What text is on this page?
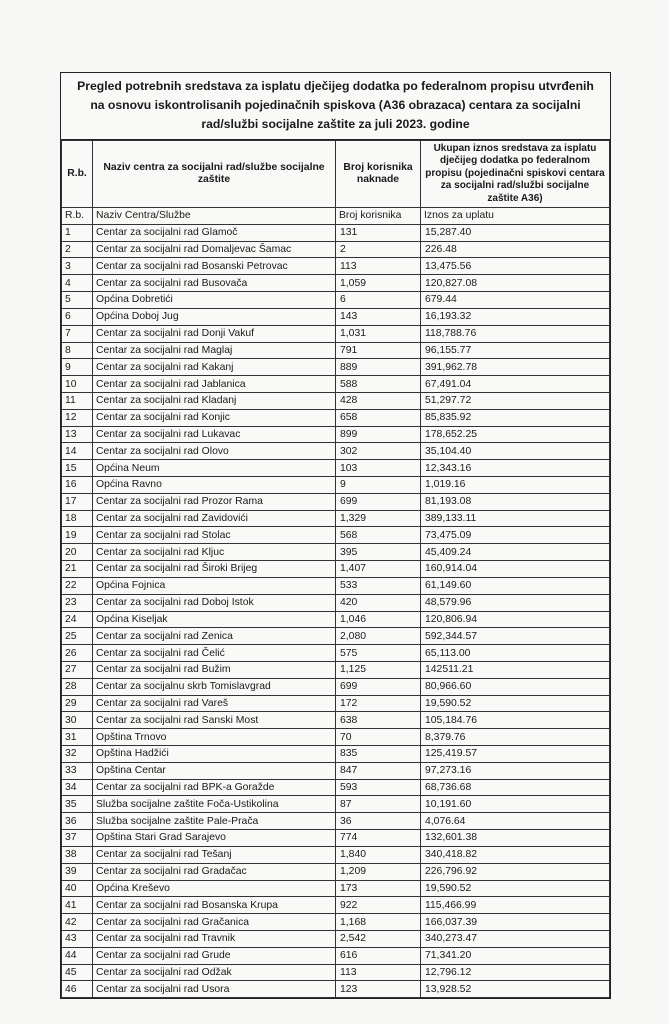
Pregled potrebnih sredstava za isplatu dječijeg dodatka po federalnom propisu utvrđenih na osnovu iskontrolisanih pojedinačnih spiskova (A36 obrazaca) centara za socijalni rad/službi socijalne zaštite za juli 2023. godine
R.b.	Naziv centra za socijalni rad/službe socijalne zaštite	Broj korisnika naknade	Ukupan iznos sredstava za isplatu dječijeg dodatka po federalnom propisu (pojedinačni spiskovi centara za socijalni rad/službi socijalne zaštite A36)
R.b.	Naziv Centra/Službe	Broj korisnika	Iznos za uplatu
1	Centar za socijalni rad Glamoč	131	15,287.40
2	Centar za socijalni rad Domaljevac Šamac	2	226.48
3	Centar za socijalni rad Bosanski Petrovac	113	13,475.56
4	Centar za socijalni rad Busovača	1,059	120,827.08
5	Općina Dobretići	6	679.44
6	Općina Doboj Jug	143	16,193.32
7	Centar za socijalni rad Donji Vakuf	1,031	118,788.76
8	Centar za socijalni rad Maglaj	791	96,155.77
9	Centar za socijalni rad Kakanj	889	391,962.78
10	Centar za socijalni rad Jablanica	588	67,491.04
11	Centar za socijalni rad Kladanj	428	51,297.72
12	Centar za socijalni rad Konjic	658	85,835.92
13	Centar za socijalni rad Lukavac	899	178,652.25
14	Centar za socijalni rad Olovo	302	35,104.40
15	Općina Neum	103	12,343.16
16	Općina Ravno	9	1,019.16
17	Centar za socijalni rad Prozor Rama	699	81,193.08
18	Centar za socijalni rad Zavidovići	1,329	389,133.11
19	Centar za socijalni rad Stolac	568	73,475.09
20	Centar za socijalni rad Kljuc	395	45,409.24
21	Centar za socijalni rad Široki Brijeg	1,407	160,914.04
22	Općina Fojnica	533	61,149.60
23	Centar za socijalni rad Doboj Istok	420	48,579.96
24	Općina Kiseljak	1,046	120,806.94
25	Centar za socijalni rad Zenica	2,080	592,344.57
26	Centar za socijalni rad Čelić	575	65,113.00
27	Centar za socijalni rad Bužim	1,125	142511.21
28	Centar za socijalnu skrb Tomislavgrad	699	80,966.60
29	Centar za socijalni rad Vareš	172	19,590.52
30	Centar za socijalni rad Sanski Most	638	105,184.76
31	Opština Trnovo	70	8,379.76
32	Opština Hadžići	835	125,419.57
33	Opština Centar	847	97,273.16
34	Centar za socijalni rad BPK-a Goražde	593	68,736.68
35	Služba socijalne zaštite Foča-Ustikolina	87	10,191.60
36	Služba socijalne zaštite Pale-Prača	36	4,076.64
37	Opština Stari Grad Sarajevo	774	132,601.38
38	Centar za socijalni rad Tešanj	1,840	340,418.82
39	Centar za socijalni rad Gradačac	1,209	226,796.92
40	Općina Kreševo	173	19,590.52
41	Centar za socijalni rad Bosanska Krupa	922	115,466.99
42	Centar za socijalni rad Gračanica	1,168	166,037.39
43	Centar za socijalni rad Travnik	2,542	340,273.47
44	Centar za socijalni rad Grude	616	71,341.20
45	Centar za socijalni rad Odžak	113	12,796.12
46	Centar za socijalni rad Usora	123	13,928.52
